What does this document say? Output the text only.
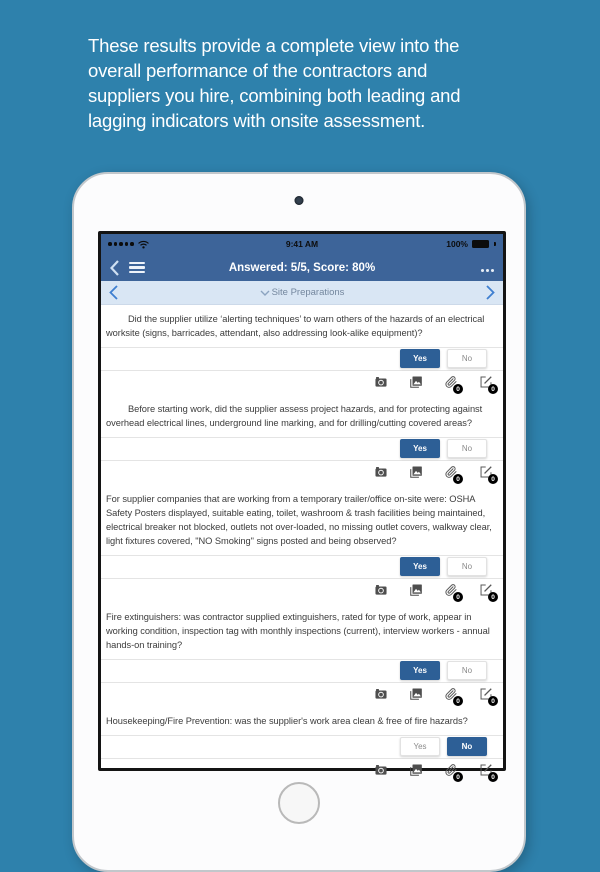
These results provide a complete view into the
overall performance of the contractors and
suppliers you hire, combining both leading and
lagging indicators with onsite assessment.
9:41 AM	100%
Answered: 5/5, Score: 80%
Site Preparations
Did the supplier utilize ‘alerting techniques’ to warn others of the hazards of an electrical worksite (signs, barricades, attendant, also addressing look-alike equipment)?
Yes	No
0	0
Before starting work, did the supplier assess project hazards, and for protecting against overhead electrical lines, underground line marking, and for drilling/cutting covered areas?
Yes	No
0	0
For supplier companies that are working from a temporary trailer/office on-site were: OSHA Safety Posters displayed, suitable eating, toilet, washroom & trash facilities being maintained, electrical breaker not blocked, outlets not over-loaded, no missing outlet covers, walkway clear, light fixtures covered, "NO Smoking" signs posted and being observed?
Yes	No
0	0
Fire extinguishers: was contractor supplied extinguishers, rated for type of work, appear in working condition, inspection tag with monthly inspections (current), interview workers - annual hands-on training?
Yes	No
0	0
Housekeeping/Fire Prevention: was the supplier's work area clean & free of fire hazards?
Yes	No
0	0
